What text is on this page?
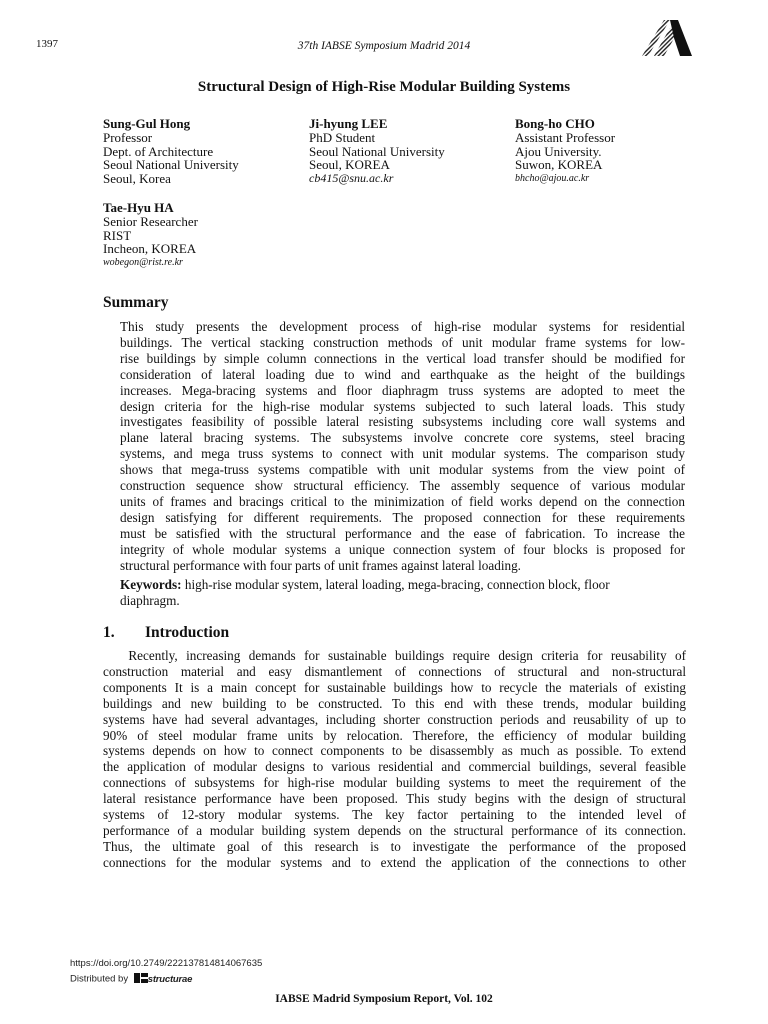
1397	37th IABSE Symposium Madrid 2014
Structural Design of High-Rise Modular Building Systems
Sung-Gul Hong
Professor
Dept. of Architecture
Seoul National University
Seoul, Korea
Ji-hyung LEE
PhD Student
Seoul National University
Seoul, KOREA
cb415@snu.ac.kr
Bong-ho CHO
Assistant Professor
Ajou University.
Suwon, KOREA
bhcho@ajou.ac.kr
Tae-Hyu HA
Senior Researcher
RIST
Incheon, KOREA
wobegon@rist.re.kr
Summary
This study presents the development process of high-rise modular systems for residential
buildings. The vertical stacking construction methods of unit modular frame systems for low-
rise buildings by simple column connections in the vertical load transfer should be modified for
consideration of lateral loading due to wind and earthquake as the height of the buildings
increases. Mega-bracing systems and floor diaphragm truss systems are adopted to meet the
design criteria for the high-rise modular systems subjected to such lateral loads. This study
investigates feasibility of possible lateral resisting subsystems including core wall systems and
plane lateral bracing systems. The subsystems involve concrete core systems, steel bracing
systems, and mega truss systems to connect with unit modular systems. The comparison study
shows that mega-truss systems compatible with unit modular systems from the view point of
construction sequence show structural efficiency. The assembly sequence of various modular
units of frames and bracings critical to the minimization of field works depend on the connection
design satisfying for different requirements. The proposed connection for these requirements
must be satisfied with the structural performance and the ease of fabrication. To increase the
integrity of whole modular systems a unique connection system of four blocks is proposed for
structural performance with four parts of unit frames against lateral loading.
Keywords: high-rise modular system, lateral loading, mega-bracing, connection block, floor
diaphragm.
1. Introduction
Recently, increasing demands for sustainable buildings require design criteria for reusability of
construction material and easy dismantlement of connections of structural and non-structural
components It is a main concept for sustainable buildings how to recycle the materials of existing
buildings and new building to be constructed. To this end with these trends, modular building
systems have had several advantages, including shorter construction periods and reusability of up to
90% of steel modular frame units by relocation. Therefore, the efficiency of modular building
systems depends on how to connect components to be disassembly as much as possible. To extend
the application of modular designs to various residential and commercial buildings, several feasible
connections of subsystems for high-rise modular building systems to meet the requirement of the
lateral resistance performance have been proposed. This study begins with the design of structural
systems of 12-story modular systems. The key factor pertaining to the intended level of
performance of a modular building system depends on the structural performance of its connection.
Thus, the ultimate goal of this research is to investigate the performance of the proposed
connections for the modular systems and to extend the application of the connections to other
https://doi.org/10.2749/222137814814067635
Distributed by structurae
IABSE Madrid Symposium Report, Vol. 102
